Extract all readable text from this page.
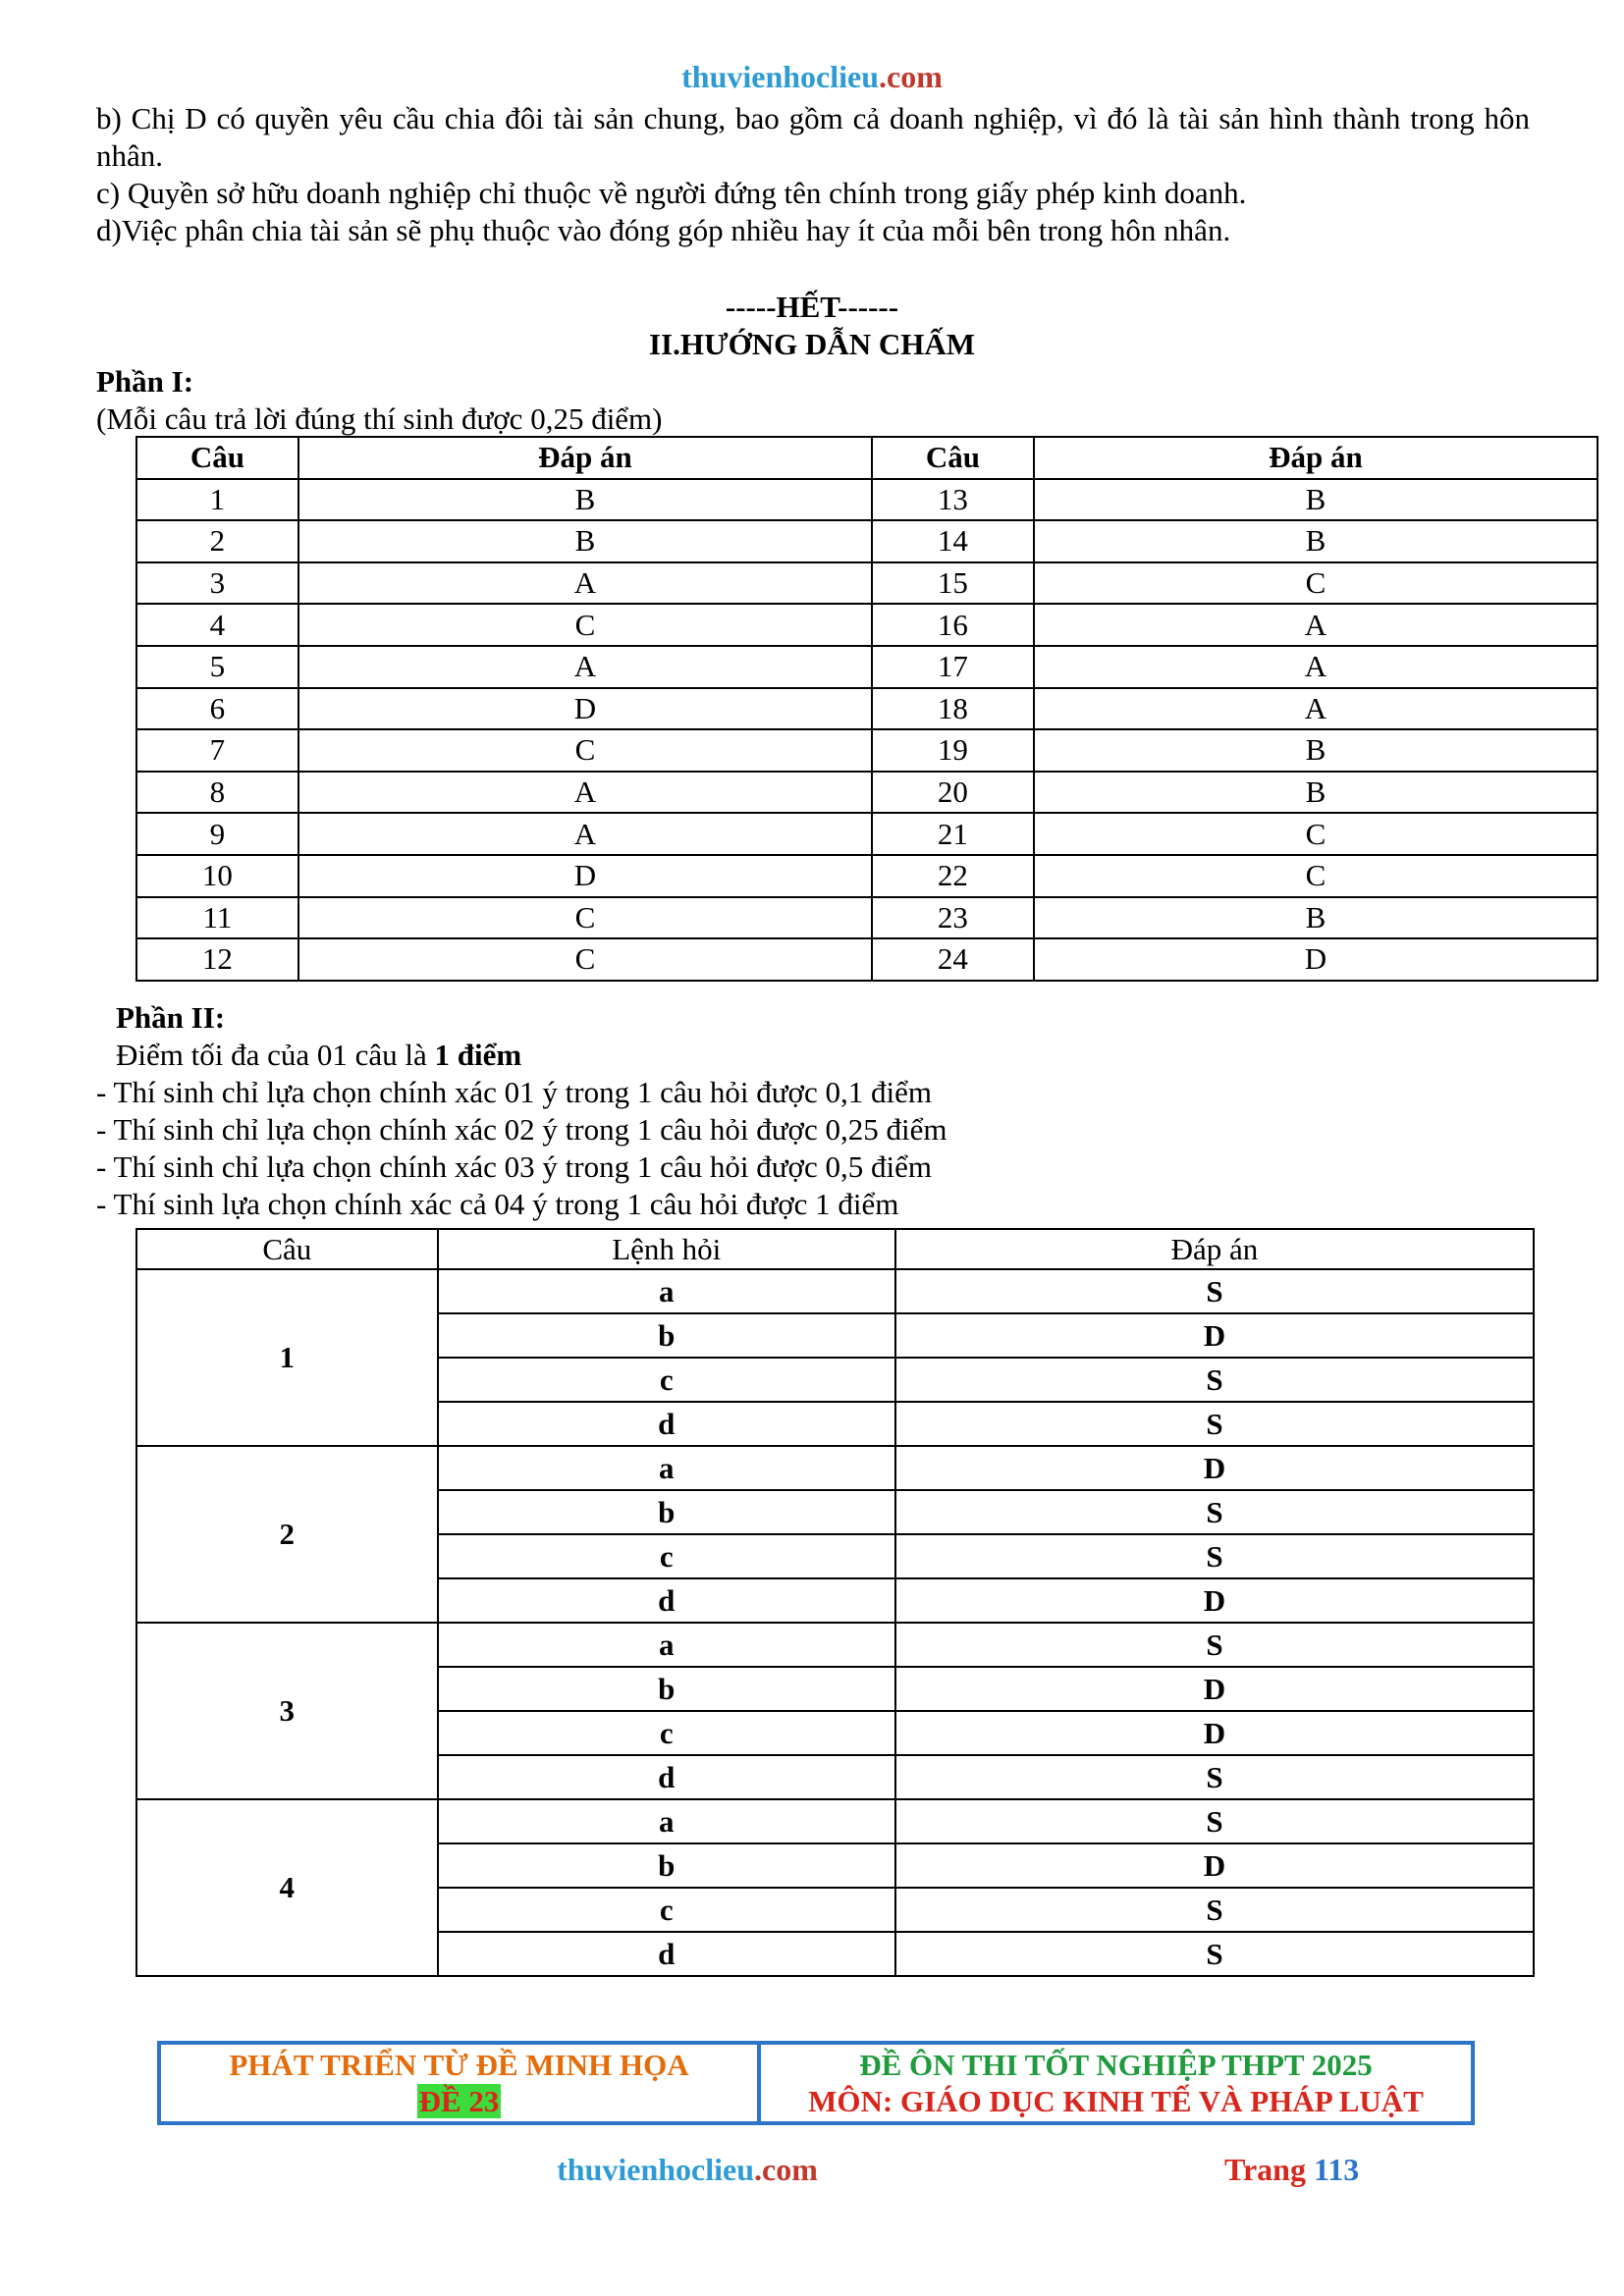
thuvienhoclieu.com
b) Chị D có quyền yêu cầu chia đôi tài sản chung, bao gồm cả doanh nghiệp, vì đó là tài sản hình thành trong hôn nhân.
c) Quyền sở hữu doanh nghiệp chỉ thuộc về người đứng tên chính trong giấy phép kinh doanh.
d)Việc phân chia tài sản sẽ phụ thuộc vào đóng góp nhiều hay ít của mỗi bên trong hôn nhân.
-----HẾT------
II.HƯỚNG DẪN CHẤM
Phần I:
(Mỗi câu trả lời đúng thí sinh được 0,25 điểm)
Câu	Đáp án	Câu	Đáp án
1	B	13	B
2	B	14	B
3	A	15	C
4	C	16	A
5	A	17	A
6	D	18	A
7	C	19	B
8	A	20	B
9	A	21	C
10	D	22	C
11	C	23	B
12	C	24	D
Phần II:
Điểm tối đa của 01 câu là 1 điểm
- Thí sinh chỉ lựa chọn chính xác 01 ý trong 1 câu hỏi được 0,1 điểm
- Thí sinh chỉ lựa chọn chính xác 02 ý trong 1 câu hỏi được 0,25 điểm
- Thí sinh chỉ lựa chọn chính xác 03 ý trong 1 câu hỏi được 0,5 điểm
- Thí sinh lựa chọn chính xác cả 04 ý trong 1 câu hỏi được 1 điểm
Câu	Lệnh hỏi	Đáp án
1	a	S
	b	D
	c	S
	d	S
2	a	D
	b	S
	c	S
	d	D
3	a	S
	b	D
	c	D
	d	S
4	a	S
	b	D
	c	S
	d	S
PHÁT TRIỂN TỪ ĐỀ MINH HỌA
ĐỀ 23
ĐỀ ÔN THI TỐT NGHIỆP THPT 2025
MÔN: GIÁO DỤC KINH TẾ VÀ PHÁP LUẬT
thuvienhoclieu.com	Trang 113
